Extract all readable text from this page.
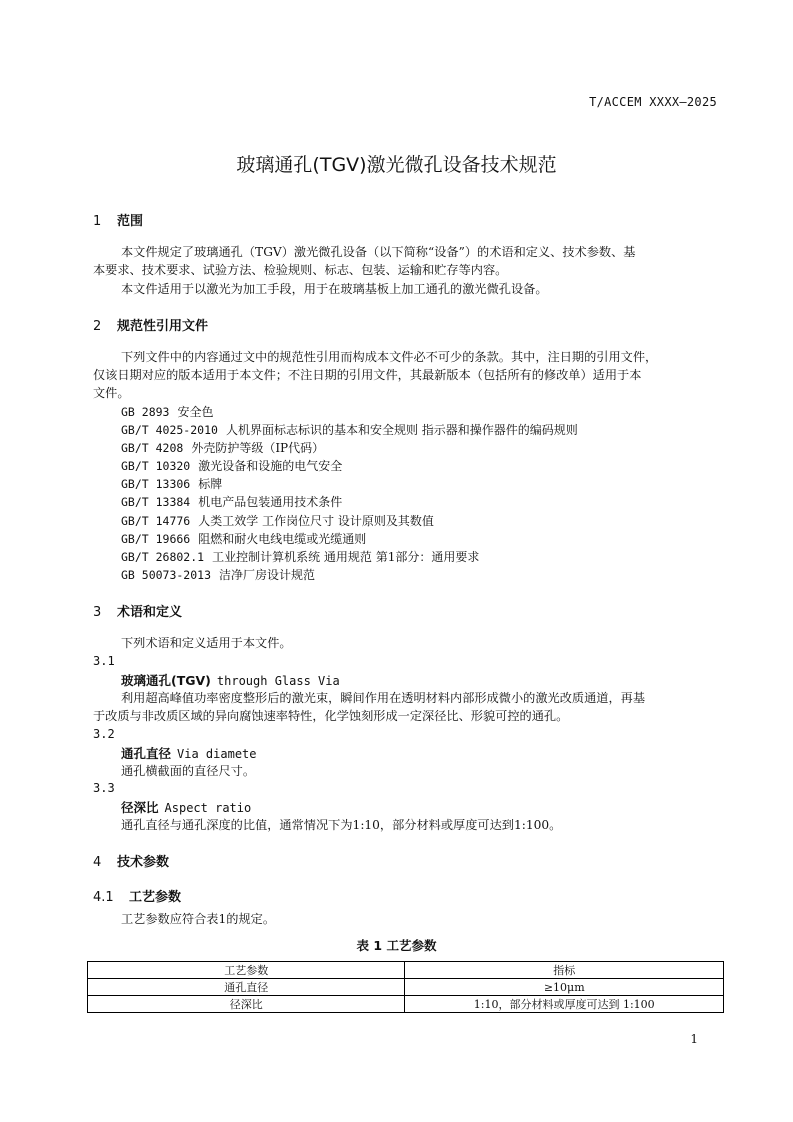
T/ACCEM XXXX—2025
玻璃通孔(TGV)激光微孔设备技术规范
1 范围
本文件规定了玻璃通孔（TGV）激光微孔设备（以下简称“设备”）的术语和定义、技术参数、基
本要求、技术要求、试验方法、检验规则、标志、包装、运输和贮存等内容。
本文件适用于以激光为加工手段，用于在玻璃基板上加工通孔的激光微孔设备。
2 规范性引用文件
下列文件中的内容通过文中的规范性引用而构成本文件必不可少的条款。其中，注日期的引用文件，
仅该日期对应的版本适用于本文件；不注日期的引用文件，其最新版本（包括所有的修改单）适用于本
文件。
GB 2893 安全色
GB/T 4025-2010 人机界面标志标识的基本和安全规则 指示器和操作器件的编码规则
GB/T 4208 外壳防护等级（IP代码）
GB/T 10320 激光设备和设施的电气安全
GB/T 13306 标牌
GB/T 13384 机电产品包装通用技术条件
GB/T 14776 人类工效学 工作岗位尺寸 设计原则及其数值
GB/T 19666 阻燃和耐火电线电缆或光缆通则
GB/T 26802.1 工业控制计算机系统 通用规范 第1部分：通用要求
GB 50073-2013 洁净厂房设计规范
3 术语和定义
下列术语和定义适用于本文件。
3.1
玻璃通孔(TGV) through Glass Via
利用超高峰值功率密度整形后的激光束，瞬间作用在透明材料内部形成微小的激光改质通道，再基
于改质与非改质区域的异向腐蚀速率特性，化学蚀刻形成一定深径比、形貌可控的通孔。
3.2
通孔直径 Via diamete
通孔横截面的直径尺寸。
3.3
径深比 Aspect ratio
通孔直径与通孔深度的比值，通常情况下为1:10，部分材料或厚度可达到1:100。
4 技术参数
4.1 工艺参数
工艺参数应符合表1的规定。
表 1 工艺参数
工艺参数	指标
通孔直径	≥10μm
径深比	1:10，部分材料或厚度可达到 1:100
1
